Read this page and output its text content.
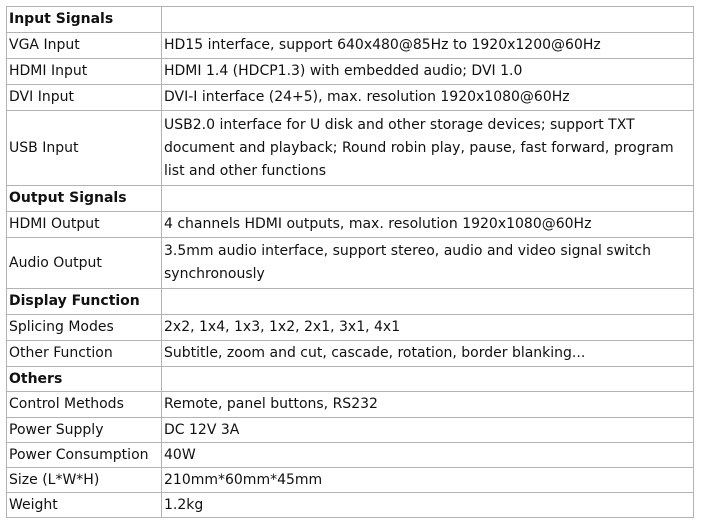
Input Signals	
VGA Input	HD15 interface, support 640x480@85Hz to 1920x1200@60Hz
HDMI Input	HDMI 1.4 (HDCP1.3) with embedded audio; DVI 1.0
DVI Input	DVI-I interface (24+5), max. resolution 1920x1080@60Hz
USB Input	USB2.0 interface for U disk and other storage devices; support TXT document and playback; Round robin play, pause, fast forward, program list and other functions
Output Signals	
HDMI Output	4 channels HDMI outputs, max. resolution 1920x1080@60Hz
Audio Output	3.5mm audio interface, support stereo, audio and video signal switch synchronously
Display Function	
Splicing Modes	2x2, 1x4, 1x3, 1x2, 2x1, 3x1, 4x1
Other Function	Subtitle, zoom and cut, cascade, rotation, border blanking...
Others	
Control Methods	Remote, panel buttons, RS232
Power Supply	DC 12V 3A
Power Consumption	40W
Size (L*W*H)	210mm*60mm*45mm
Weight	1.2kg
